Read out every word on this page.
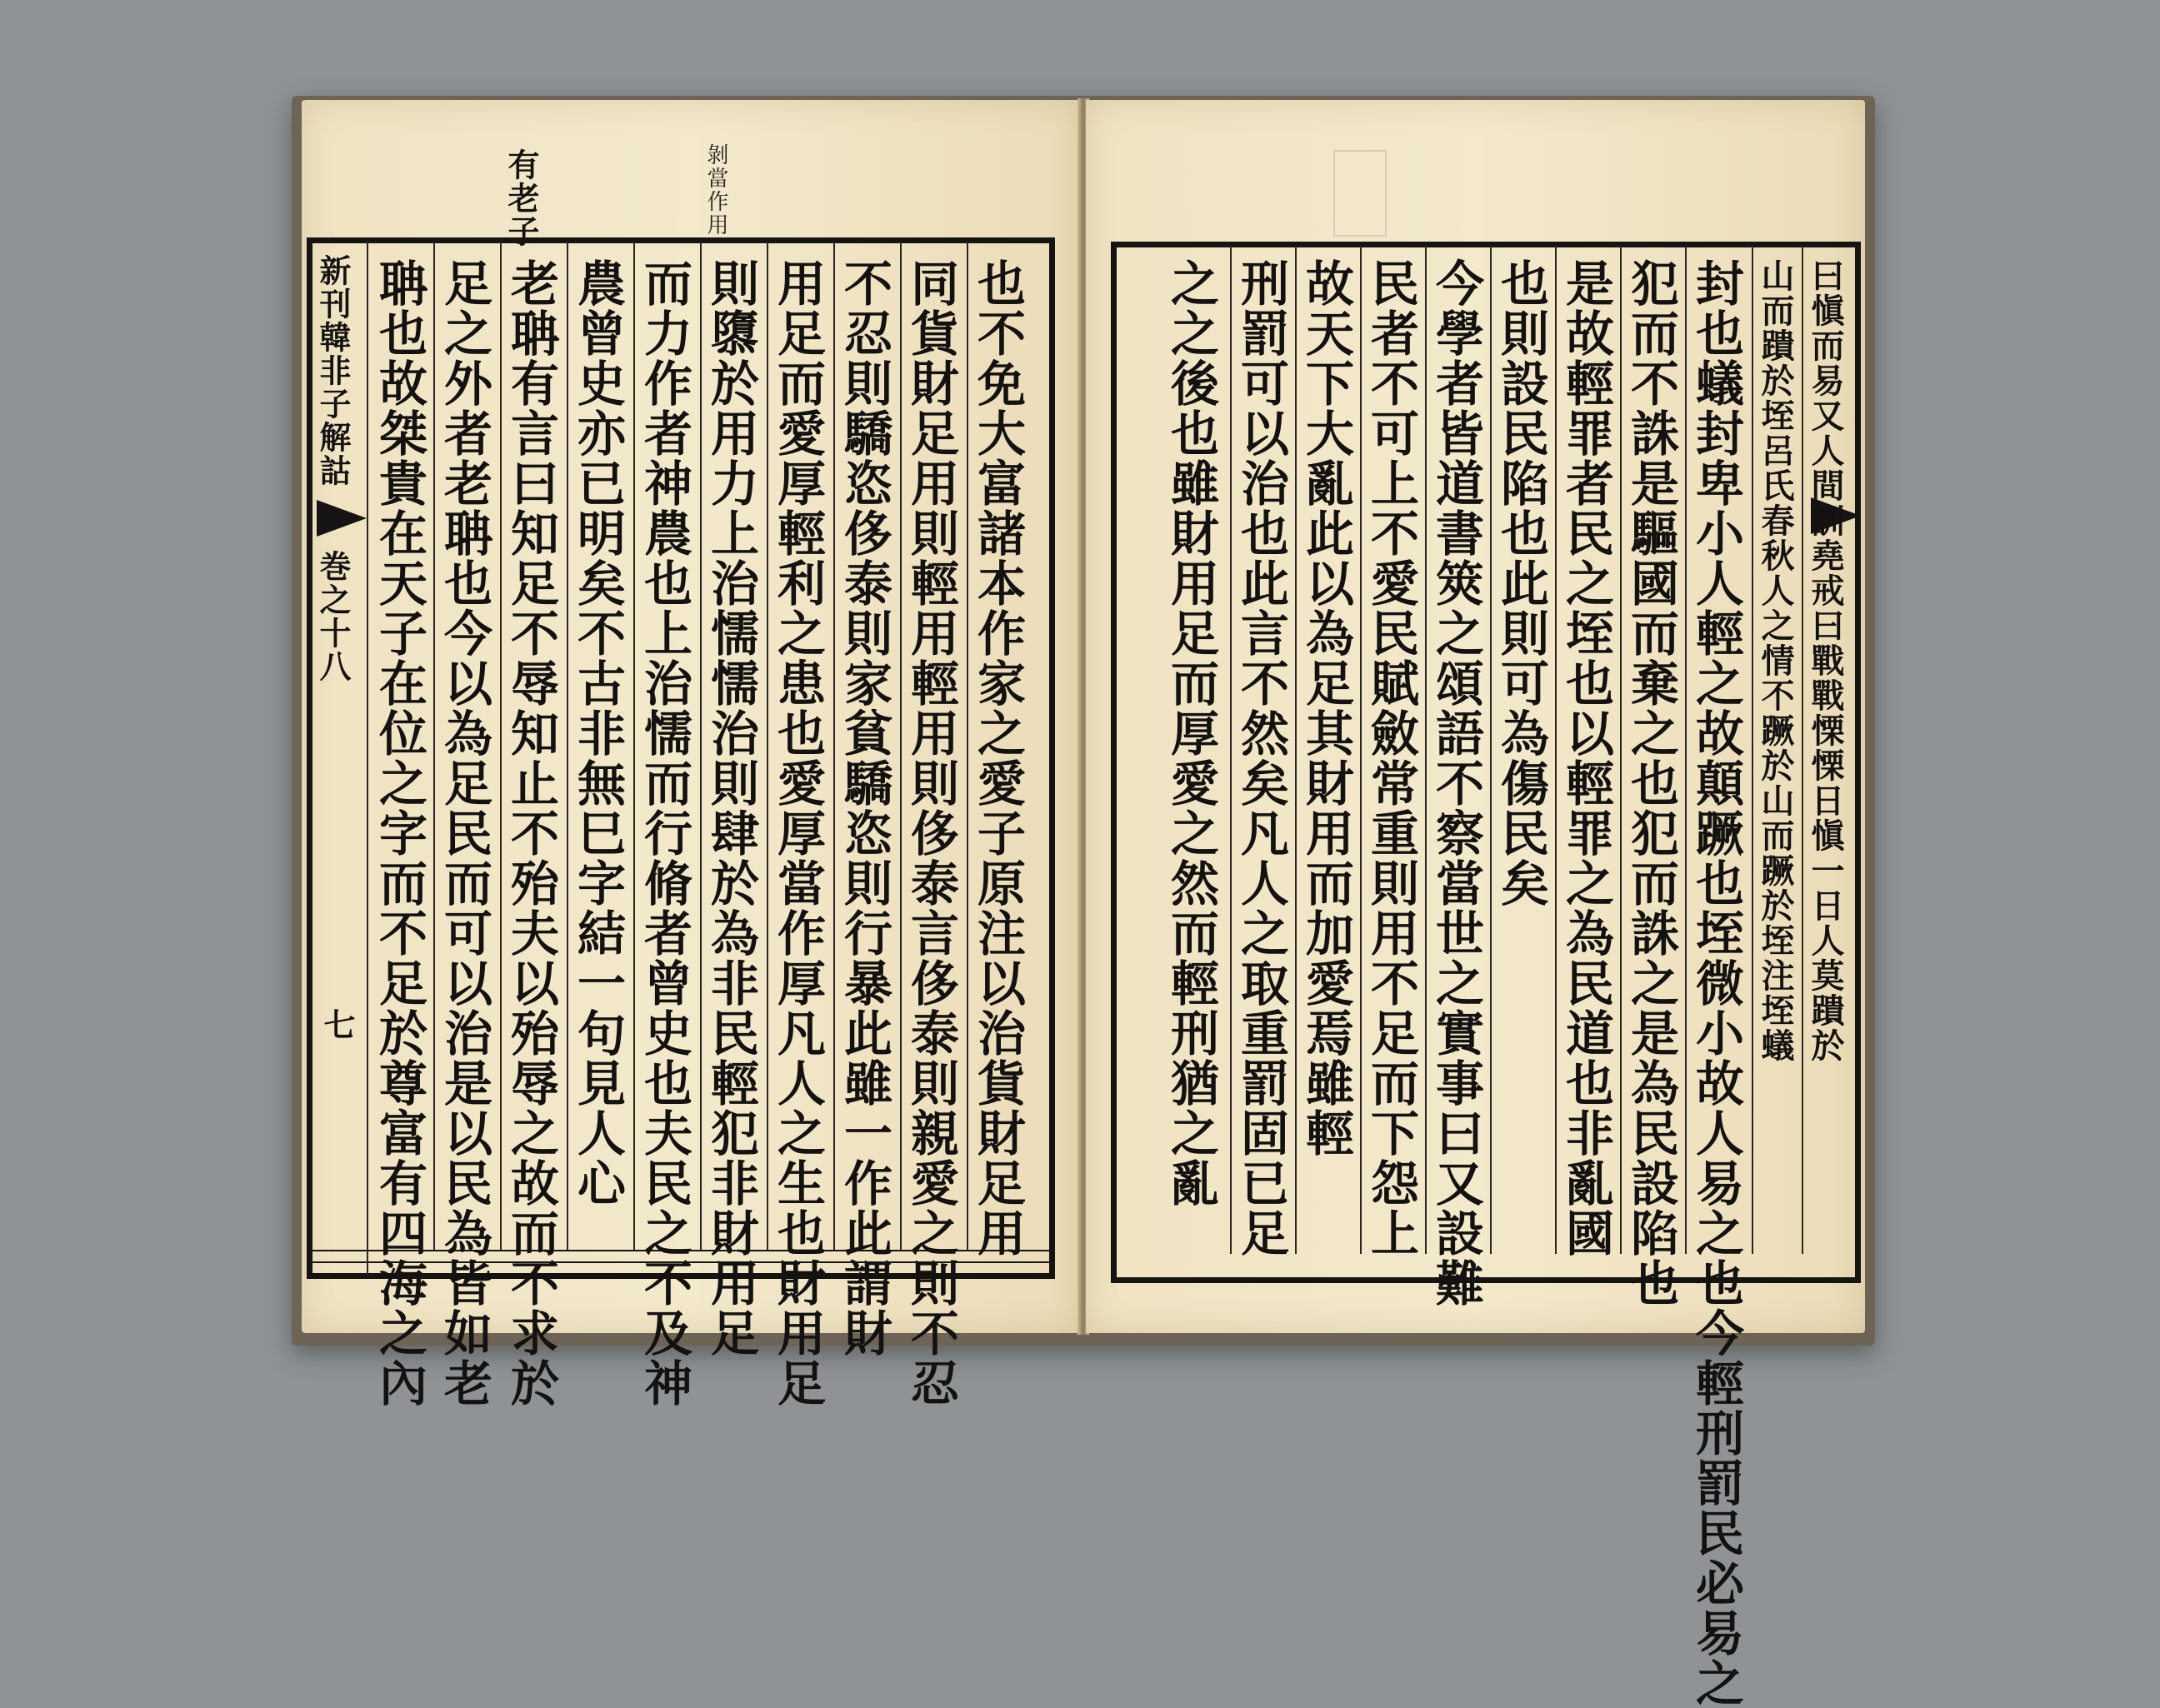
有老子	剝當作用
新刊韓非子解詁
巻之十八
七	也不免大富諸本作家之愛子原注以治貨財足用
同貨財足用則輕用輕用則侈泰言侈泰則親愛之則不忍
不忍則驕恣侈泰則家貧驕恣則行暴此雖一作此謂財
用足而愛厚輕利之患也愛厚當作厚凡人之生也財用足
則隳於用力上治懦懦治則肆於為非民輕犯非財用足
而力作者神農也上治懦而行脩者曾史也夫民之不及神
農曾史亦已明矣不古非無巳字結一句見人心
老聃有言曰知足不辱知止不殆夫以殆辱之故而不求於
足之外者老聃也今以為足民而可以治是以民為皆如老
聃也故桀貴在天子在位之字而不足於尊富有四海之內	曰愼而易又人間訓堯戒曰戰戰慄慄日愼一日人莫蹪於
山而蹪於垤呂氏春秋人之情不蹶於山而蹶於垤注垤蟻
封也蟻封卑小人輕之故顛蹶也垤微小故人易之也今輕刑罰民必易之
犯而不誅是驅國而棄之也犯而誅之是為民設陷也
是故輕罪者民之垤也以輕罪之為民道也非亂國
也則設民陷也此則可為傷民矣
今學者皆道書筴之頌語不察當世之實事曰又設難
民者不可上不愛民賦斂常重則用不足而下怨上
故天下大亂此以為足其財用而加愛焉雖輕
刑罰可以治也此言不然矣凡人之取重罰固已足
之之後也雖財用足而厚愛之然而輕刑猶之亂
